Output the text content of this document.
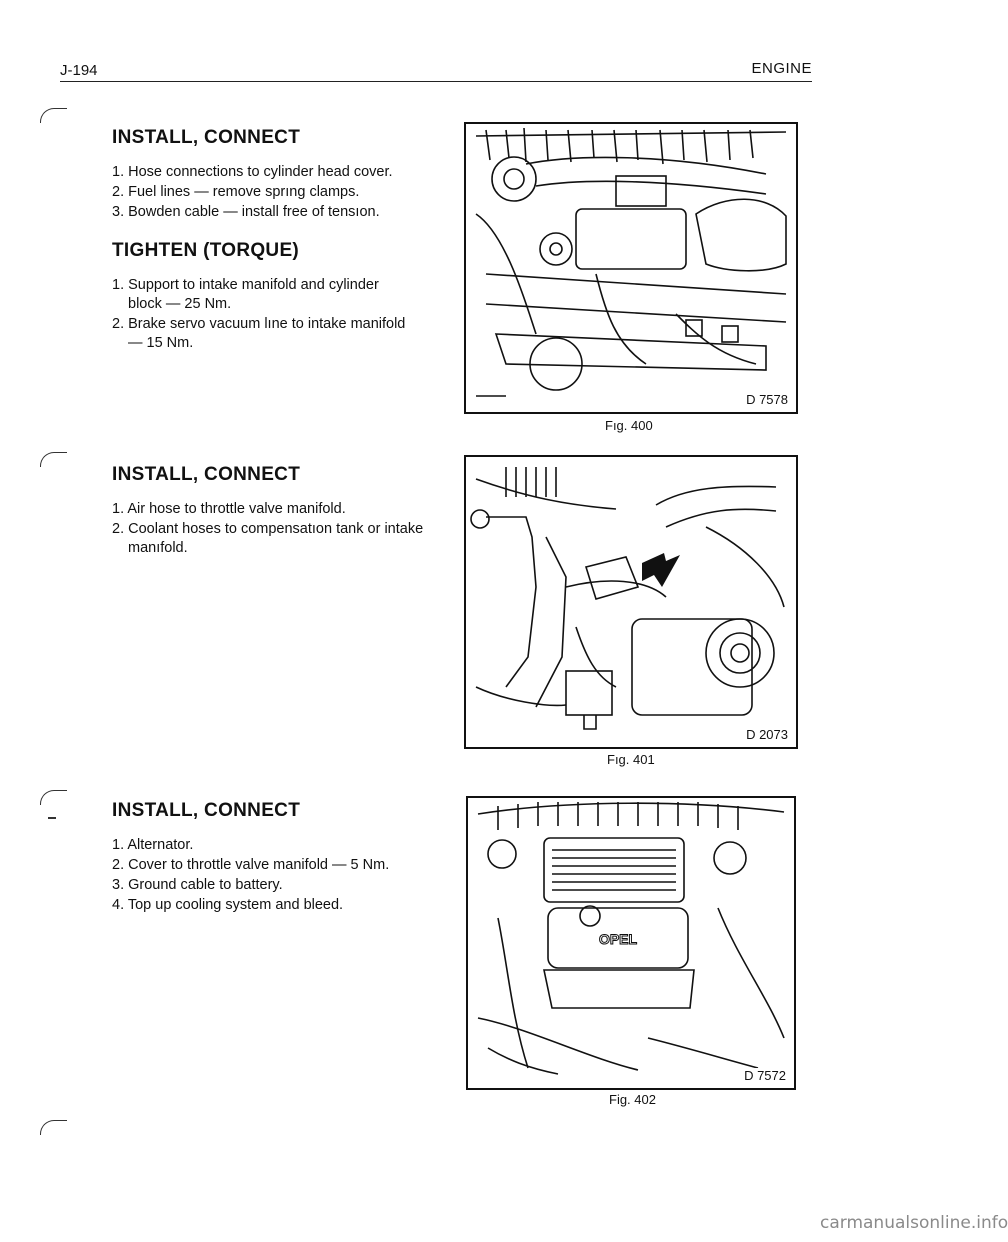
J-194	ENGINE
INSTALL, CONNECT
1. Hose connections to cylinder head cover.
2. Fuel lines — remove sprıng clamps.
3. Bowden cable — install free of tensıon.
TIGHTEN (TORQUE)
1. Support to intake manifold and cylinder block — 25 Nm.
2. Brake servo vacuum lıne to intake manifold — 15 Nm.
INSTALL, CONNECT
1. Air hose to throttle valve manifold.
2. Coolant hoses to compensatıon tank or intake manıfold.
INSTALL, CONNECT
1. Alternator.
2. Cover to throttle valve manifold — 5 Nm.
3. Ground cable to battery.
4. Top up cooling system and bleed.
D 7578
Fıg. 400
D 2073
Fıg. 401
OPEL
D 7572
Fig. 402
carmanualsonline.info
